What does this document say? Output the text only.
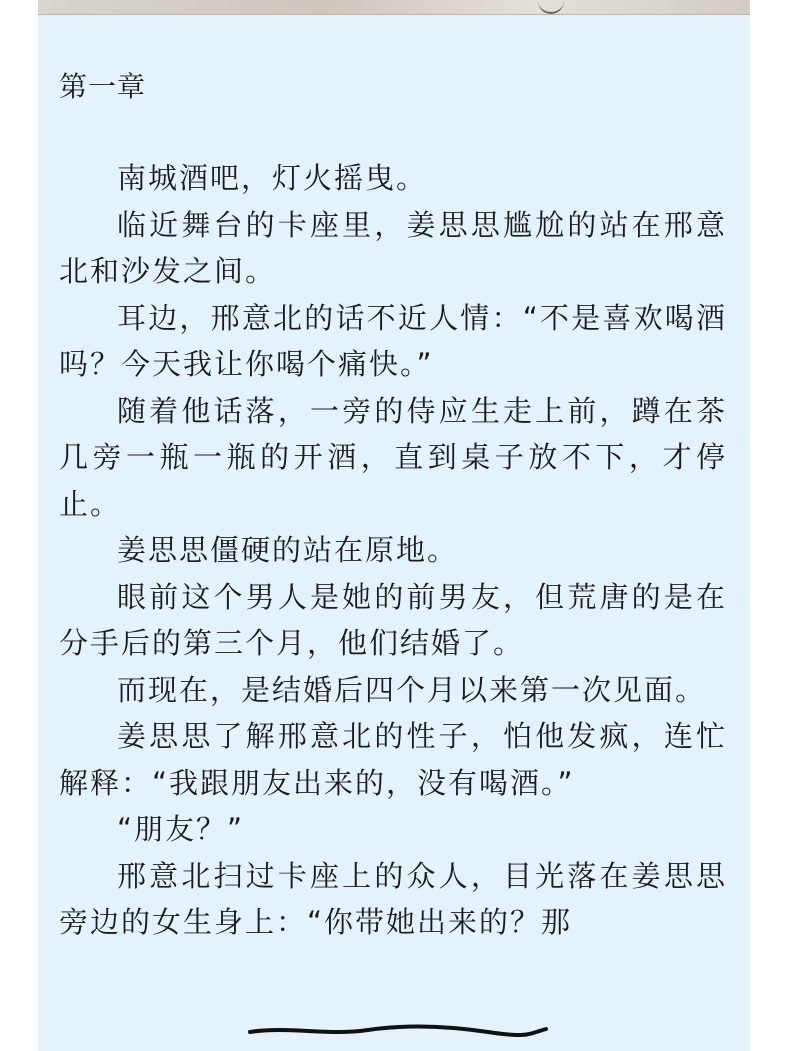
第一章

南城酒吧，灯火摇曳。

临近舞台的卡座里，姜思思尴尬的站在邢意北和沙发之间。

耳边，邢意北的话不近人情：“不是喜欢喝酒吗？今天我让你喝个痛快。”

随着他话落，一旁的侍应生走上前，蹲在茶几旁一瓶一瓶的开酒，直到桌子放不下，才停止。

姜思思僵硬的站在原地。

眼前这个男人是她的前男友，但荒唐的是在分手后的第三个月，他们结婚了。

而现在，是结婚后四个月以来第一次见面。

姜思思了解邢意北的性子，怕他发疯，连忙解释：“我跟朋友出来的，没有喝酒。”

“朋友？”

邢意北扫过卡座上的众人，目光落在姜思思旁边的女生身上：“你带她出来的？那
